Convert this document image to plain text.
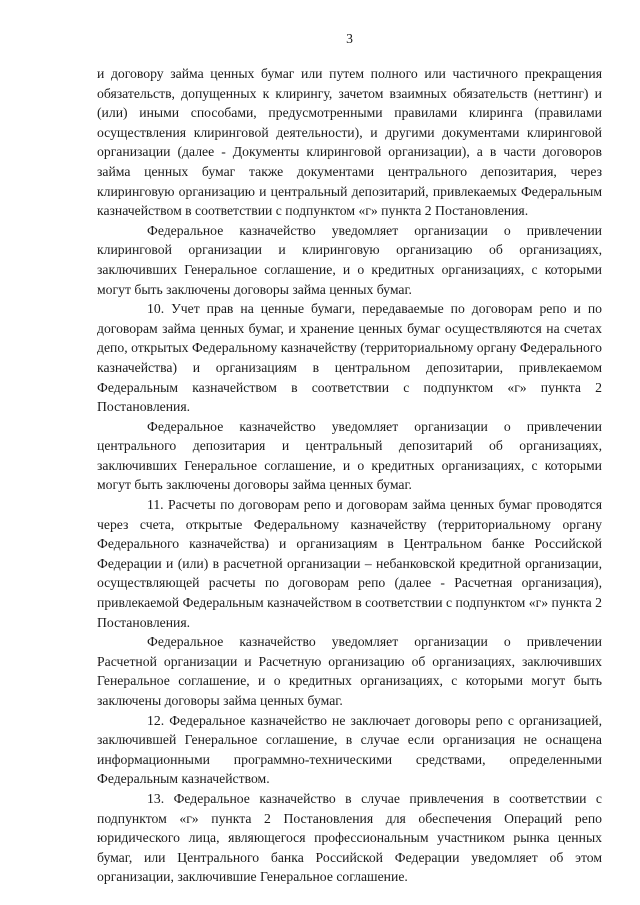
3

и договору займа ценных бумаг или путем полного или частичного прекращения обязательств, допущенных к клирингу, зачетом взаимных обязательств (неттинг) и (или) иными способами, предусмотренными правилами клиринга (правилами осуществления клиринговой деятельности), и другими документами клиринговой организации (далее - Документы клиринговой организации), а в части договоров займа ценных бумаг также документами центрального депозитария, через клиринговую организацию и центральный депозитарий, привлекаемых Федеральным казначейством в соответствии с подпунктом «г» пункта 2 Постановления.

Федеральное казначейство уведомляет организации о привлечении клиринговой организации и клиринговую организацию об организациях, заключивших Генеральное соглашение, и о кредитных организациях, с которыми могут быть заключены договоры займа ценных бумаг.

10. Учет прав на ценные бумаги, передаваемые по договорам репо и по договорам займа ценных бумаг, и хранение ценных бумаг осуществляются на счетах депо, открытых Федеральному казначейству (территориальному органу Федерального казначейства) и организациям в центральном депозитарии, привлекаемом Федеральным казначейством в соответствии с подпунктом «г» пункта 2 Постановления.

Федеральное казначейство уведомляет организации о привлечении центрального депозитария и центральный депозитарий об организациях, заключивших Генеральное соглашение, и о кредитных организациях, с которыми могут быть заключены договоры займа ценных бумаг.

11. Расчеты по договорам репо и договорам займа ценных бумаг проводятся через счета, открытые Федеральному казначейству (территориальному органу Федерального казначейства) и организациям в Центральном банке Российской Федерации и (или) в расчетной организации – небанковской кредитной организации, осуществляющей расчеты по договорам репо (далее - Расчетная организация), привлекаемой Федеральным казначейством в соответствии с подпунктом «г» пункта 2 Постановления.

Федеральное казначейство уведомляет организации о привлечении Расчетной организации и Расчетную организацию об организациях, заключивших Генеральное соглашение, и о кредитных организациях, с которыми могут быть заключены договоры займа ценных бумаг.

12. Федеральное казначейство не заключает договоры репо с организацией, заключившей Генеральное соглашение, в случае если организация не оснащена информационными программно-техническими средствами, определенными Федеральным казначейством.

13. Федеральное казначейство в случае привлечения в соответствии с подпунктом «г» пункта 2 Постановления для обеспечения Операций репо юридического лица, являющегося профессиональным участником рынка ценных бумаг, или Центрального банка Российской Федерации уведомляет об этом организации, заключившие Генеральное соглашение.
